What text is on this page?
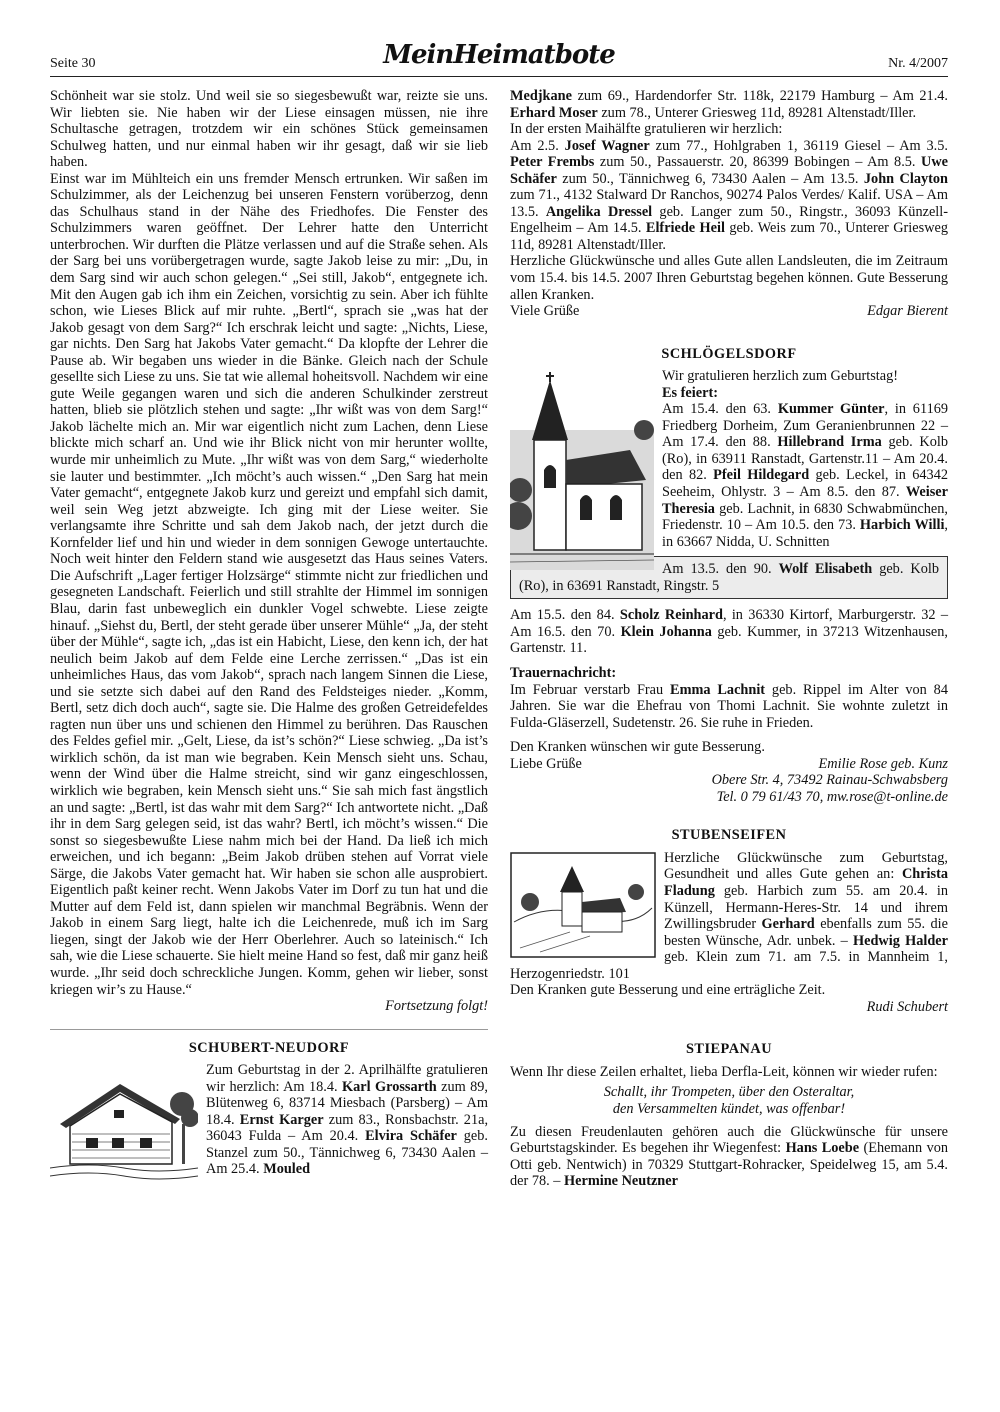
Seite 30	MeinHeimatbote	Nr. 4/2007

Schönheit war sie stolz. Und weil sie so siegesbewußt war, reizte sie uns. Wir liebten sie. Nie haben wir der Liese einsagen müssen, nie ihre Schultasche getragen, trotzdem wir ein schönes Stück gemeinsamen Schulweg hatten, und nur einmal haben wir ihr gesagt, daß wir sie lieb haben.

Einst war im Mühlteich ein uns fremder Mensch ertrunken. Wir saßen im Schulzimmer, als der Leichenzug bei unseren Fenstern vorüberzog, denn das Schulhaus stand in der Nähe des Friedhofes. Die Fenster des Schulzimmers waren geöffnet. Der Lehrer hatte den Unterricht unterbrochen. Wir durften die Plätze verlassen und auf die Straße sehen. Als der Sarg bei uns vorübergetragen wurde, sagte Jakob leise zu mir: „Du, in dem Sarg sind wir auch schon gelegen.“ „Sei still, Jakob“, entgegnete ich. Mit den Augen gab ich ihm ein Zeichen, vorsichtig zu sein. Aber ich fühlte schon, wie Lieses Blick auf mir ruhte. „Bertl“, sprach sie „was hat der Jakob gesagt von dem Sarg?“ Ich erschrak leicht und sagte: „Nichts, Liese, gar nichts. Den Sarg hat Jakobs Vater gemacht.“ Da klopfte der Lehrer die Pause ab. Wir begaben uns wieder in die Bänke. Gleich nach der Schule gesellte sich Liese zu uns. Sie tat wie allemal hoheitsvoll. Nachdem wir eine gute Weile gegangen waren und sich die anderen Schulkinder zerstreut hatten, blieb sie plötzlich stehen und sagte: „Ihr wißt was von dem Sarg!“ Jakob lächelte mich an. Mir war eigentlich nicht zum Lachen, denn Liese blickte mich scharf an. Und wie ihr Blick nicht von mir herunter wollte, wurde mir unheimlich zu Mute. „Ihr wißt was von dem Sarg,“ wiederholte sie lauter und bestimmter. „Ich möcht’s auch wissen.“ „Den Sarg hat mein Vater gemacht“, entgegnete Jakob kurz und gereizt und empfahl sich damit, weil sein Weg jetzt abzweigte. Ich ging mit der Liese weiter. Sie verlangsamte ihre Schritte und sah dem Jakob nach, der jetzt durch die Kornfelder lief und hin und wieder in dem sonnigen Gewoge untertauchte. Noch weit hinter den Feldern stand wie ausgesetzt das Haus seines Vaters. Die Aufschrift „Lager fertiger Holzsärge“ stimmte nicht zur friedlichen und gesegneten Landschaft. Feierlich und still strahlte der Himmel im sonnigen Blau, darin fast unbeweglich ein dunkler Vogel schwebte. Liese zeigte hinauf. „Siehst du, Bertl, der steht gerade über unserer Mühle“ „Ja, der steht über der Mühle“, sagte ich, „das ist ein Habicht, Liese, den kenn ich, der hat neulich beim Jakob auf dem Felde eine Lerche zerrissen.“ „Das ist ein unheimliches Haus, das vom Jakob“, sprach nach langem Sinnen die Liese, und sie setzte sich dabei auf den Rand des Feldsteiges nieder. „Komm, Bertl, setz dich doch auch“, sagte sie. Die Halme des großen Getreidefeldes ragten nun über uns und schienen den Himmel zu berühren. Das Rauschen des Feldes gefiel mir. „Gelt, Liese, da ist’s schön?“ Liese schwieg. „Da ist’s wirklich schön, da ist man wie begraben. Kein Mensch sieht uns. Schau, wenn der Wind über die Halme streicht, sind wir ganz eingeschlossen, wirklich wie begraben, kein Mensch sieht uns.“ Sie sah mich fast ängstlich an und sagte: „Bertl, ist das wahr mit dem Sarg?“ Ich antwortete nicht. „Daß ihr in dem Sarg gelegen seid, ist das wahr? Bertl, ich möcht’s wissen.“ Die sonst so siegesbewußte Liese nahm mich bei der Hand. Da ließ ich mich erweichen, und ich begann: „Beim Jakob drüben stehen auf Vorrat viele Särge, die Jakobs Vater gemacht hat. Wir haben sie schon alle ausprobiert. Eigentlich paßt keiner recht. Wenn Jakobs Vater im Dorf zu tun hat und die Mutter auf dem Feld ist, dann spielen wir manchmal Begräbnis. Wenn der Jakob in einem Sarg liegt, halte ich die Leichenrede, muß ich im Sarg liegen, singt der Jakob wie der Herr Oberlehrer. Auch so lateinisch.“ Ich sah, wie die Liese schauerte. Sie hielt meine Hand so fest, daß mir ganz heiß wurde. „Ihr seid doch schreckliche Jungen. Komm, gehen wir lieber, sonst kriegen wir’s zu Hause.“

Fortsetzung folgt!

SCHUBERT-NEUDORF

Zum Geburtstag in der 2. Aprilhälfte gratulieren wir herzlich: Am 18.4. Karl Grossarth zum 89, Blütenweg 6, 83714 Miesbach (Parsberg) – Am 18.4. Ernst Karger zum 83., Ronsbachstr. 21a, 36043 Fulda – Am 20.4. Elvira Schäfer geb. Stanzel zum 50., Tännichweg 6, 73430 Aalen – Am 25.4. Mouled

Medjkane zum 69., Hardendorfer Str. 118k, 22179 Hamburg – Am 21.4. Erhard Moser zum 78., Unterer Griesweg 11d, 89281 Altenstadt/Iller.

In der ersten Maihälfte gratulieren wir herzlich:

Am 2.5. Josef Wagner zum 77., Hohlgraben 1, 36119 Giesel – Am 3.5. Peter Frembs zum 50., Passauerstr. 20, 86399 Bobingen – Am 8.5. Uwe Schäfer zum 50., Tännichweg 6, 73430 Aalen – Am 13.5. John Clayton zum 71., 4132 Stalward Dr Ranchos, 90274 Palos Verdes/ Kalif. USA – Am 13.5. Angelika Dressel geb. Langer zum 50., Ringstr., 36093 Künzell-Engelheim – Am 14.5. Elfriede Heil geb. Weis zum 70., Unterer Griesweg 11d, 89281 Altenstadt/Iller.

Herzliche Glückwünsche und alles Gute allen Landsleuten, die im Zeitraum vom 15.4. bis 14.5. 2007 Ihren Geburtstag begehen können. Gute Besserung allen Kranken.

Viele Grüße	Edgar Bierent

SCHLÖGELSDORF

Wir gratulieren herzlich zum Geburtstag!
Es feiert:
Am 15.4. den 63. Kummer Günter, in 61169 Friedberg Dorheim, Zum Geranienbrunnen 22 – Am 17.4. den 88. Hillebrand Irma geb. Kolb (Ro), in 63911 Ranstadt, Gartenstr.11 – Am 20.4. den 82. Pfeil Hildegard geb. Leckel, in 64342 Seeheim, Ohlystr. 3 – Am 8.5. den 87. Weiser Theresia geb. Lachnit, in 6830 Schwabmünchen, Friedenstr. 10 – Am 10.5. den 73. Harbich Willi, in 63667 Nidda, U. Schnitten

Am 13.5. den 90. Wolf Elisabeth geb. Kolb (Ro), in 63691 Ranstadt, Ringstr. 5

Am 15.5. den 84. Scholz Reinhard, in 36330 Kirtorf, Marburgerstr. 32 – Am 16.5. den 70. Klein Johanna geb. Kummer, in 37213 Witzenhausen, Gartenstr. 11.

Trauernachricht:

Im Februar verstarb Frau Emma Lachnit geb. Rippel im Alter von 84 Jahren. Sie war die Ehefrau von Thomi Lachnit. Sie wohnte zuletzt in Fulda-Gläserzell, Sudetenstr. 26. Sie ruhe in Frieden.

Den Kranken wünschen wir gute Besserung.

Liebe Grüße	Emilie Rose geb. Kunz

Obere Str. 4, 73492 Rainau-Schwabsberg

Tel. 0 79 61/43 70, mw.rose@t-online.de

STUBENSEIFEN

Herzliche Glückwünsche zum Geburtstag, Gesundheit und alles Gute gehen an: Christa Fladung geb. Harbich zum 55. am 20.4. in Künzell, Hermann-Heres-Str. 14 und ihrem Zwillingsbruder Gerhard ebenfalls zum 55. die besten Wünsche, Adr. unbek. – Hedwig Halder geb. Klein zum 71. am 7.5. in Mannheim 1, Herzogenriedstr. 101

Den Kranken gute Besserung und eine erträgliche Zeit.

Rudi Schubert

STIEPANAU

Wenn Ihr diese Zeilen erhaltet, lieba Derfla-Leit, können wir wieder rufen:

Schallt, ihr Trompeten, über den Osteraltar,
den Versammelten kündet, was offenbar!

Zu diesen Freudenlauten gehören auch die Glückwünsche für unsere Geburtstagskinder. Es begehen ihr Wiegenfest: Hans Loebe (Ehemann von Otti geb. Nentwich) in 70329 Stuttgart-Rohracker, Speidelweg 15, am 5.4. der 78. – Hermine Neutzner
